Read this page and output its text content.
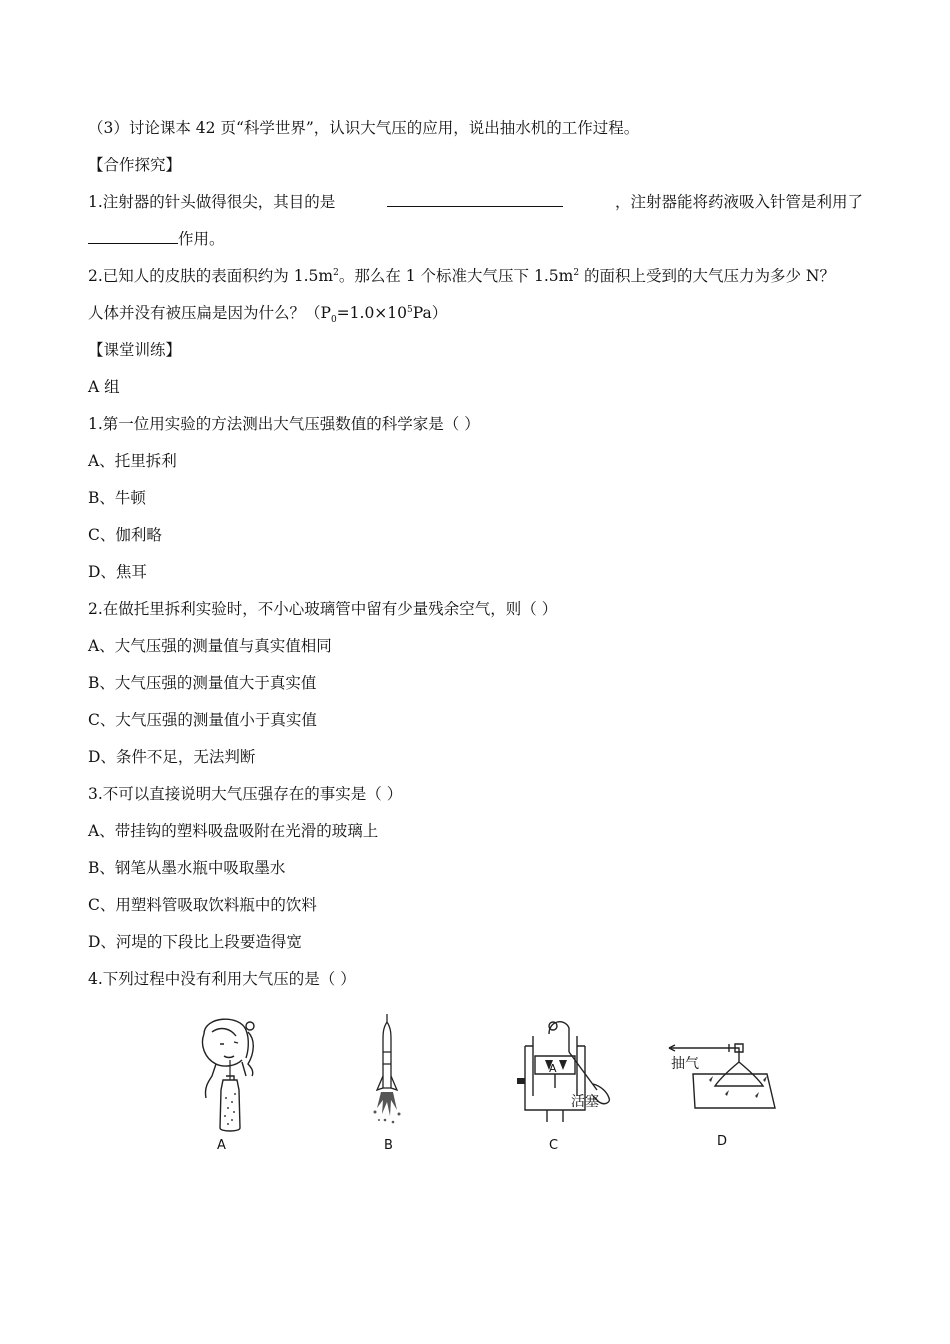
（3）讨论课本 42 页“科学世界”，认识大气压的应用，说出抽水机的工作过程。
【合作探究】
1.注射器的针头做得很尖，其目的是	，注射器能将药液吸入针管是利用了
作用。
2.已知人的皮肤的表面积约为 $1.5m^2$。那么在 1 个标准大气压下 $1.5m^2$ 的面积上受到的大气压力为多少 N？
人体并没有被压扁是因为什么？$(P_0=1.0\times 10^5Pa)$
【课堂训练】
A 组
1.第一位用实验的方法测出大气压强数值的科学家是（ ）
A、托里拆利
B、牛顿
C、伽利略
D、焦耳
2.在做托里拆利实验时，不小心玻璃管中留有少量残余空气，则（ ）
A、大气压强的测量值与真实值相同
B、大气压强的测量值大于真实值
C、大气压强的测量值小于真实值
D、条件不足，无法判断
3.不可以直接说明大气压强存在的事实是（ ）
A、带挂钩的塑料吸盘吸附在光滑的玻璃上
B、钢笔从墨水瓶中吸取墨水
C、用塑料管吸取饮料瓶中的饮料
D、河堤的下段比上段要造得宽
4.下列过程中没有利用大气压的是（ ）
A	B
A
活塞
C
抽气
D
